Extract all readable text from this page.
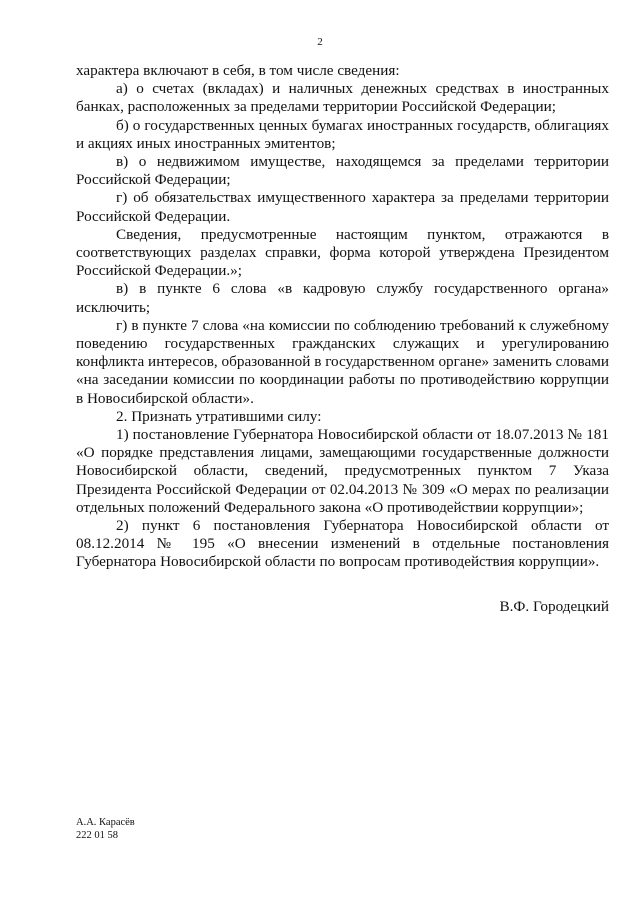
2

характера включают в себя, в том числе сведения:

а) о счетах (вкладах) и наличных денежных средствах в иностранных банках, расположенных за пределами территории Российской Федерации;

б) о государственных ценных бумагах иностранных государств, облигациях и акциях иных иностранных эмитентов;

в) о недвижимом имуществе, находящемся за пределами территории Российской Федерации;

г) об обязательствах имущественного характера за пределами территории Российской Федерации.

Сведения, предусмотренные настоящим пунктом, отражаются в соответствующих разделах справки, форма которой утверждена Президентом Российской Федерации.»;

в) в пункте 6 слова «в кадровую службу государственного органа» исключить;

г) в пункте 7 слова «на комиссии по соблюдению требований к служебному поведению государственных гражданских служащих и урегулированию конфликта интересов, образованной в государственном органе» заменить словами «на заседании комиссии по координации работы по противодействию коррупции в Новосибирской области».

2. Признать утратившими силу:

1) постановление Губернатора Новосибирской области от 18.07.2013 № 181 «О порядке представления лицами, замещающими государственные должности Новосибирской области, сведений, предусмотренных пунктом 7 Указа Президента Российской Федерации от 02.04.2013 № 309 «О мерах по реализации отдельных положений Федерального закона «О противодействии коррупции»;

2) пункт 6 постановления Губернатора Новосибирской области от 08.12.2014 № 195 «О внесении изменений в отдельные постановления Губернатора Новосибирской области по вопросам противодействия коррупции».

В.Ф. Городецкий
А.А. Карасёв
222 01 58
